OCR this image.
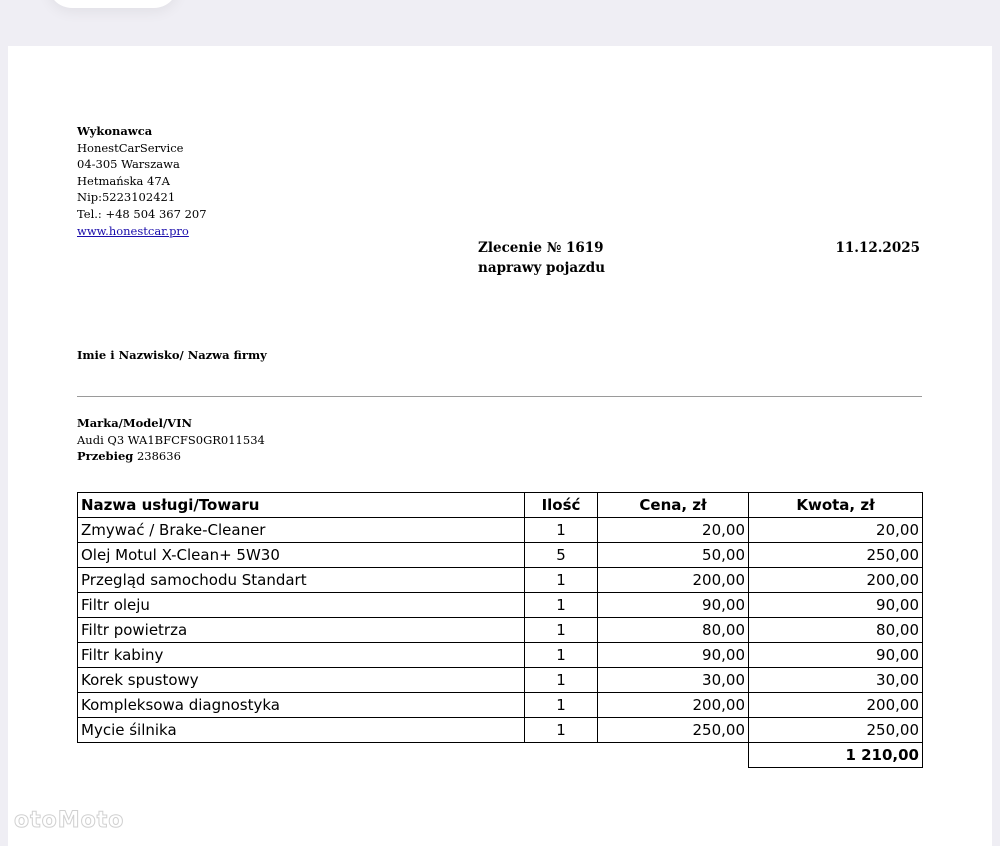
Wykonawca
HonestCarService
04-305 Warszawa
Hetmańska 47A
Nip:5223102421
Tel.: +48 504 367 207
www.honestcar.pro
Zlecenie № 1619
naprawy pojazdu
11.12.2025
Imie i Nazwisko/ Nazwa firmy
Marka/Model/VIN
Audi Q3 WA1BFCFS0GR011534
Przebieg 238636
Nazwa usługi/Towaru	Ilość	Cena, zł	Kwota, zł
Zmywać / Brake-Cleaner	1	20,00	20,00
Olej Motul X-Clean+ 5W30	5	50,00	250,00
Przegląd samochodu Standart	1	200,00	200,00
Filtr oleju	1	90,00	90,00
Filtr powietrza	1	80,00	80,00
Filtr kabiny	1	90,00	90,00
Korek spustowy	1	30,00	30,00
Kompleksowa diagnostyka	1	200,00	200,00
Mycie śilnika	1	250,00	250,00
			1 210,00
otoMoto
